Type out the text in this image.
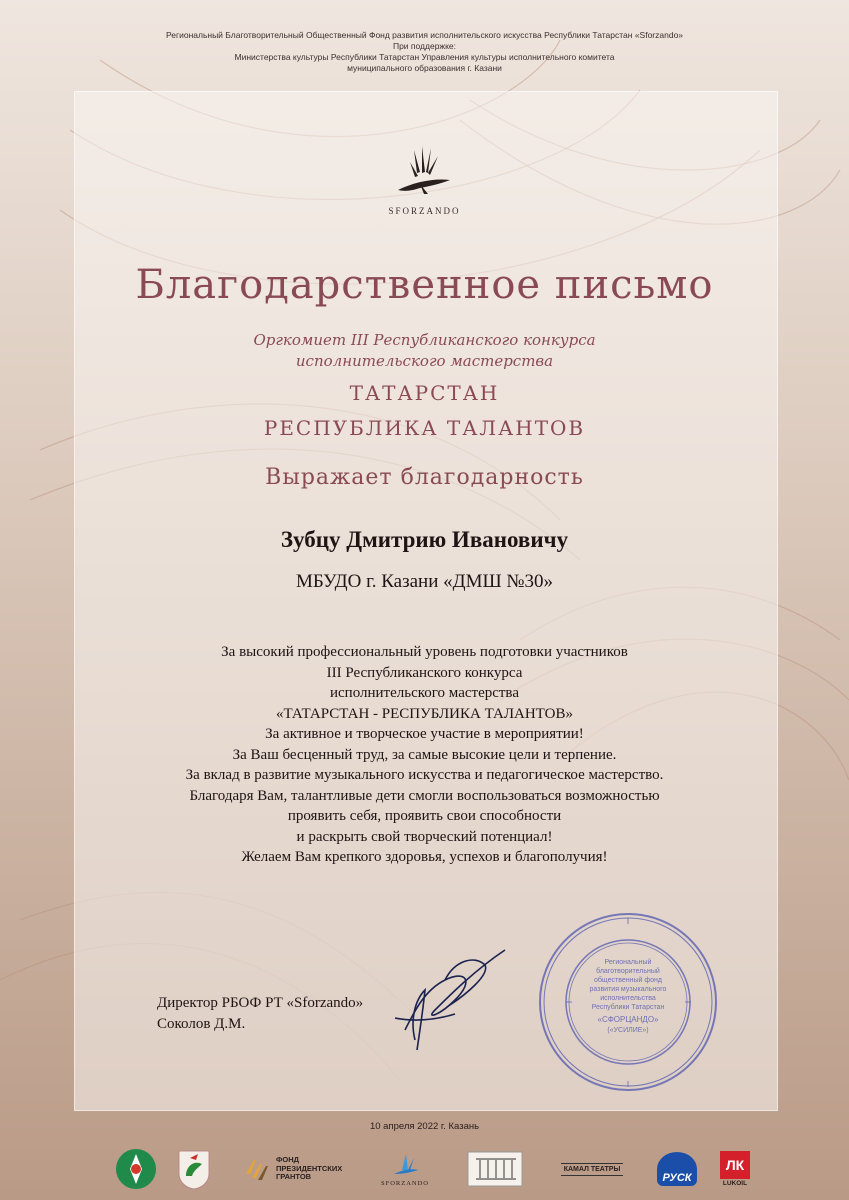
Региональный Благотворительный Общественный Фонд развития исполнительского искусства Республики Татарстан «Sforzando»
При поддержке:
Министерства культуры Республики Татарстан Управления культуры исполнительного комитета
муниципального образования г. Казани
SFORZANDO
Благодарственное письмо
Оргкомиет III Республиканского конкурса
исполнительского мастерства
ТАТАРСТАН
РЕСПУБЛИКА ТАЛАНТОВ
Выражает благодарность
Зубцу Дмитрию Ивановичу
МБУДО г. Казани «ДМШ №30»
За высокий профессиональный уровень подготовки участников
III Республиканского конкурса
исполнительского мастерства
«ТАТАРСТАН - РЕСПУБЛИКА ТАЛАНТОВ»
За активное и творческое участие в мероприятии!
За Ваш бесценный труд, за самые высокие цели и терпение.
За вклад в развитие музыкального искусства и педагогическое мастерство.
Благодаря Вам, талантливые дети смогли воспользоваться возможностью
проявить себя, проявить свои способности
и раскрыть свой творческий потенциал!
Желаем Вам крепкого здоровья, успехов и благополучия!
Директор РБОФ РТ «Sforzando»
Соколов Д.М.
Региональный
благотворительный
общественный фонд
развития музыкального
исполнительства
Республики Татарстан
«СФОРЦАНДО»
(«УСИЛИЕ»)
10 апреля 2022 г. Казань
ФОНД
ПРЕЗИДЕНТСКИХ
ГРАНТОВ
SFORZANDO
КАМАЛ ТЕАТРЫ
РУСК
ЛК
LUKOIL
